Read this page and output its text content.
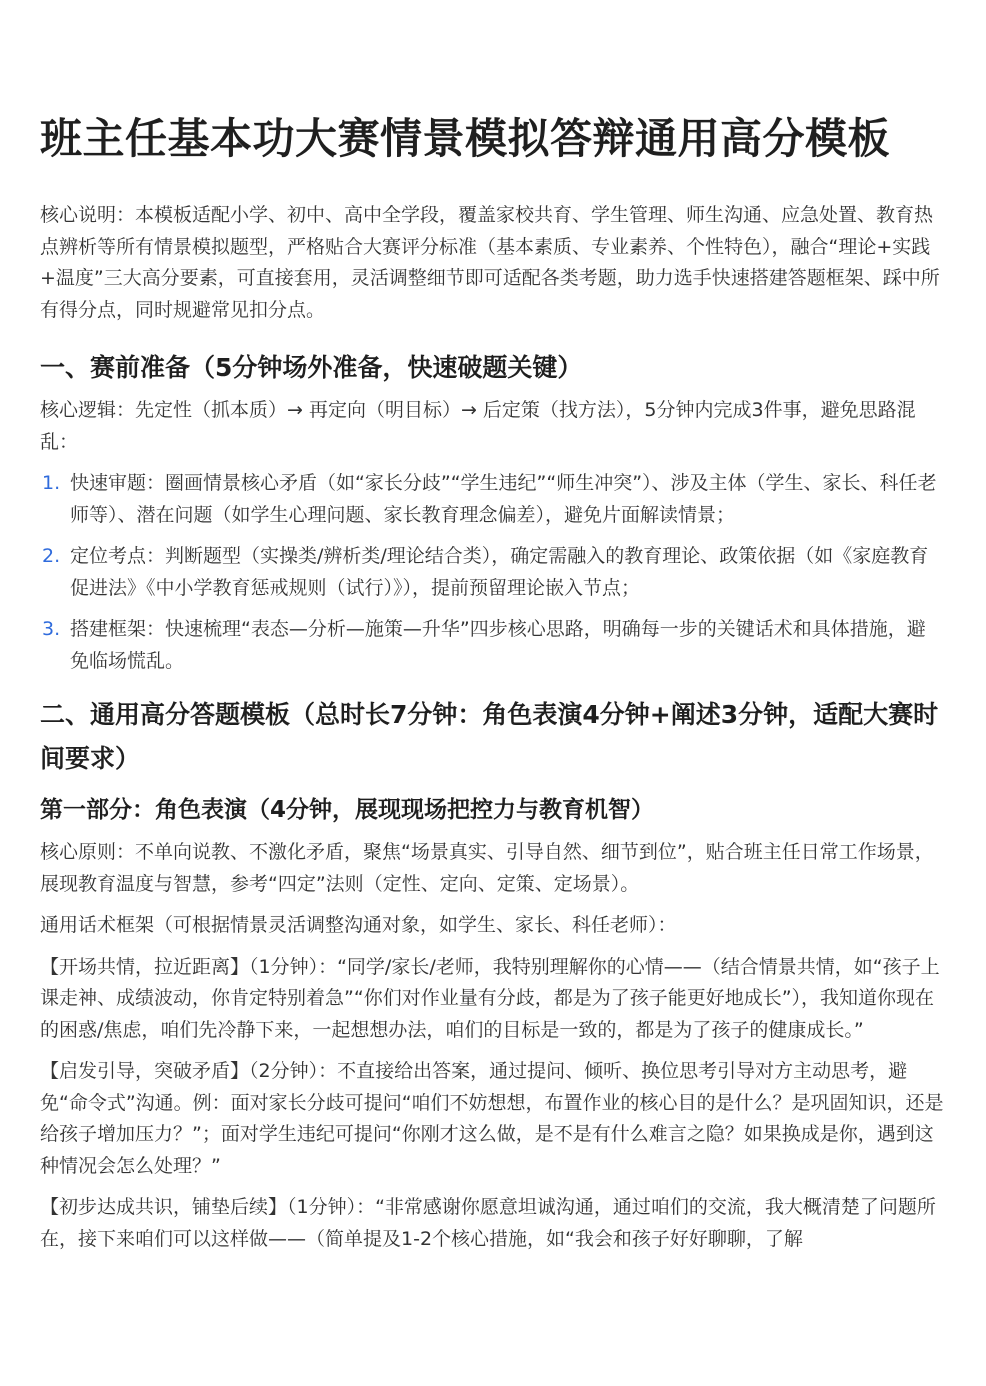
班主任基本功大赛情景模拟答辩通用高分模板

核心说明：本模板适配小学、初中、高中全学段，覆盖家校共育、学生管理、师生沟通、应急处置、教育热点辨析等所有情景模拟题型，严格贴合大赛评分标准（基本素质、专业素养、个性特色），融合“理论+实践+温度”三大高分要素，可直接套用，灵活调整细节即可适配各类考题，助力选手快速搭建答题框架、踩中所有得分点，同时规避常见扣分点。

一、赛前准备（5分钟场外准备，快速破题关键）

核心逻辑：先定性（抓本质）→ 再定向（明目标）→ 后定策（找方法），5分钟内完成3件事，避免思路混乱：

1. 快速审题：圈画情景核心矛盾（如“家长分歧”“学生违纪”“师生冲突”）、涉及主体（学生、家长、科任老师等）、潜在问题（如学生心理问题、家长教育理念偏差），避免片面解读情景；
2. 定位考点：判断题型（实操类/辨析类/理论结合类），确定需融入的教育理论、政策依据（如《家庭教育促进法》《中小学教育惩戒规则（试行）》），提前预留理论嵌入节点；
3. 搭建框架：快速梳理“表态—分析—施策—升华”四步核心思路，明确每一步的关键话术和具体措施，避免临场慌乱。
二、通用高分答题模板（总时长7分钟：角色表演4分钟+阐述3分钟，适配大赛时间要求）
第一部分：角色表演（4分钟，展现现场把控力与教育机智）

核心原则：不单向说教、不激化矛盾，聚焦“场景真实、引导自然、细节到位”，贴合班主任日常工作场景，展现教育温度与智慧，参考“四定”法则（定性、定向、定策、定场景）。

通用话术框架（可根据情景灵活调整沟通对象，如学生、家长、科任老师）：

【开场共情，拉近距离】（1分钟）：“同学/家长/老师，我特别理解你的心情——（结合情景共情，如“孩子上课走神、成绩波动，你肯定特别着急”“你们对作业量有分歧，都是为了孩子能更好地成长”），我知道你现在的困惑/焦虑，咱们先冷静下来，一起想想办法，咱们的目标是一致的，都是为了孩子的健康成长。”

【启发引导，突破矛盾】（2分钟）：不直接给出答案，通过提问、倾听、换位思考引导对方主动思考，避免“命令式”沟通。例：面对家长分歧可提问“咱们不妨想想，布置作业的核心目的是什么？是巩固知识，还是给孩子增加压力？”；面对学生违纪可提问“你刚才这么做，是不是有什么难言之隐？如果换成是你，遇到这种情况会怎么处理？”

【初步达成共识，铺垫后续】（1分钟）：“非常感谢你愿意坦诚沟通，通过咱们的交流，我大概清楚了问题所在，接下来咱们可以这样做——（简单提及1-2个核心措施，如“我会和孩子好好聊聊，了解
